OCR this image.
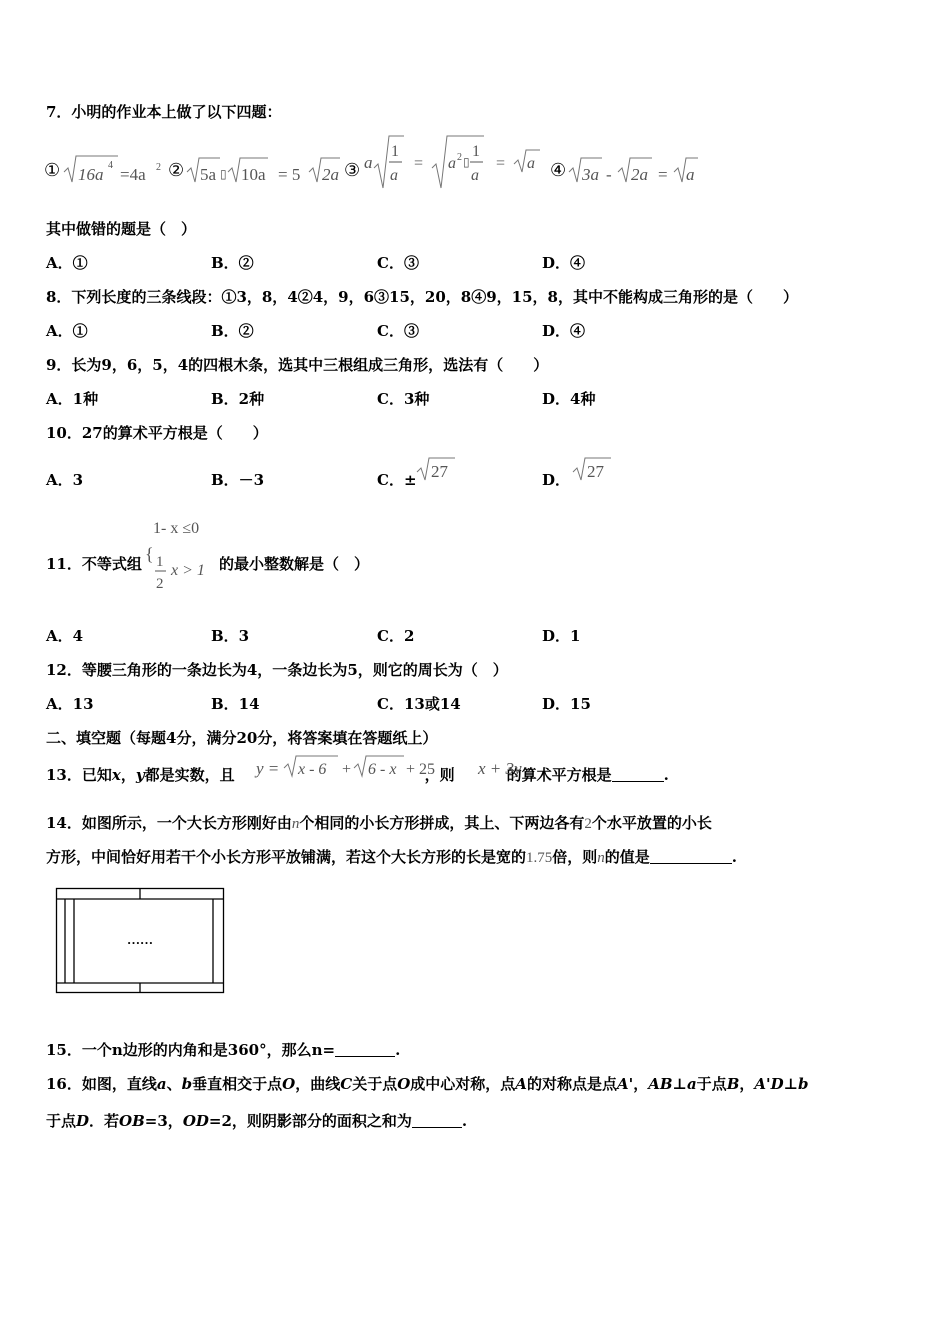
7．小明的作业本上做了以下四题：
① 16a 4 =4a 2 ② 5a ▯ 10a = 5 2a ③ a
1
a
= a 2 ▯
1
a
= a ④ 3a - 2a = a
其中做错的题是（　）
A．①	B．②	C．③	D．④
8．下列长度的三条线段：①3，8，4②4，9，6③15，20，8④9，15，8，其中不能构成三角形的是（　　）
A．①	B．②	C．③	D．④
9．长为9，6，5，4的四根木条，选其中三根组成三角形，选法有（　　）
A．1种	B．2种	C．3种	D．4种
10．27的算术平方根是（　　）
A．3	B．－3	C．± 27	D． 27
11．不等式组
1- x ≤0
{ 1
2
x > 1 的最小整数解是（　）
A．4	B．3	C．2	D．1
12．等腰三角形的一条边长为4，一条边长为5，则它的周长为（　）
A．13	B．14	C．13或14	D．15
二、填空题（每题4分，满分20分，将答案填在答题纸上）
13．已知x，y都是实数，且	，则	的算术平方根是	.
y = x - 6 + 6 - x + 25	x + 3y
14．如图所示，一个大长方形刚好由n个相同的小长方形拼成，其上、下两边各有2个水平放置的小长
方形，中间恰好用若干个小长方形平放铺满，若这个大长方形的长是宽的1.75倍，则n的值是	.
……
15．一个n边形的内角和是360°，那么n=	.
16．如图，直线a、b垂直相交于点O，曲线C关于点O成中心对称，点A的对称点是点A'，AB⊥a于点B，A'D⊥b
于点D．若OB=3，OD=2，则阴影部分的面积之和为	.
